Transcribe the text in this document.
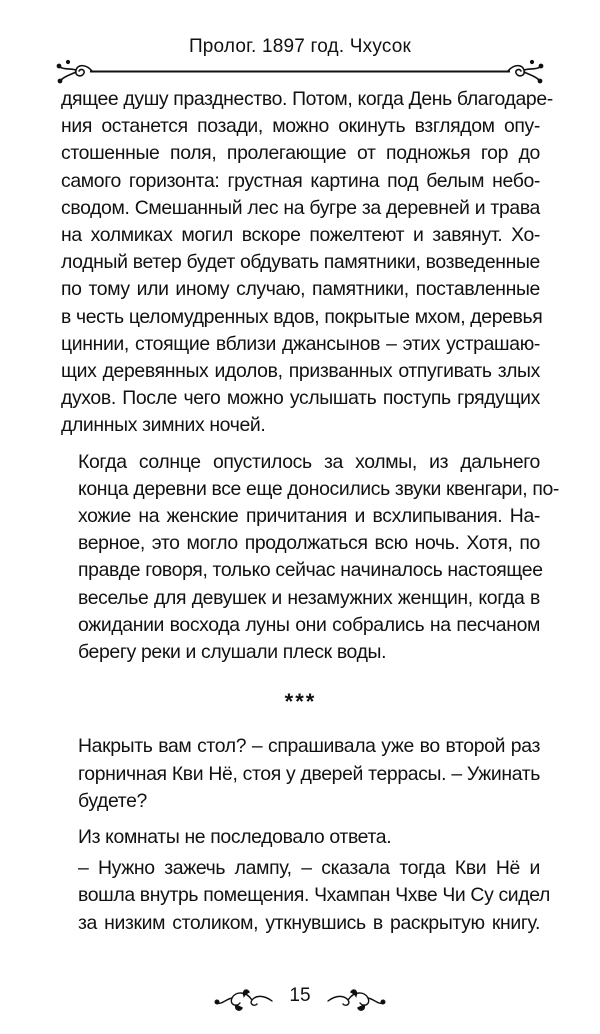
Пролог. 1897 год. Чхусок

дящее душу празднество. Потом, когда День благодаре-
ния останется позади, можно окинуть взглядом опу-
стошенные поля, пролегающие от подножья гор до
самого горизонта: грустная картина под белым небо-
сводом. Смешанный лес на бугре за деревней и трава
на холмиках могил вскоре пожелтеют и завянут. Хо-
лодный ветер будет обдувать памятники, возведенные
по тому или иному случаю, памятники, поставленные
в честь целомудренных вдов, покрытые мхом, деревья
циннии, стоящие вблизи джансынов – этих устрашаю-
щих деревянных идолов, призванных отпугивать злых
духов. После чего можно услышать поступь грядущих
длинных зимних ночей.

Когда солнце опустилось за холмы, из дальнего
конца деревни все еще доносились звуки квенгари, по-
хожие на женские причитания и всхлипывания. На-
верное, это могло продолжаться всю ночь. Хотя, по
правде говоря, только сейчас начиналось настоящее
веселье для девушек и незамужних женщин, когда в
ожидании восхода луны они собрались на песчаном
берегу реки и слушали плеск воды.

***

Накрыть вам стол? – спрашивала уже во второй раз
горничная Кви Нё, стоя у дверей террасы. – Ужинать
будете?

Из комнаты не последовало ответа.

– Нужно зажечь лампу, – сказала тогда Кви Нё и
вошла внутрь помещения. Чхампан Чхве Чи Су сидел
за низким столиком, уткнувшись в раскрытую книгу.

15
